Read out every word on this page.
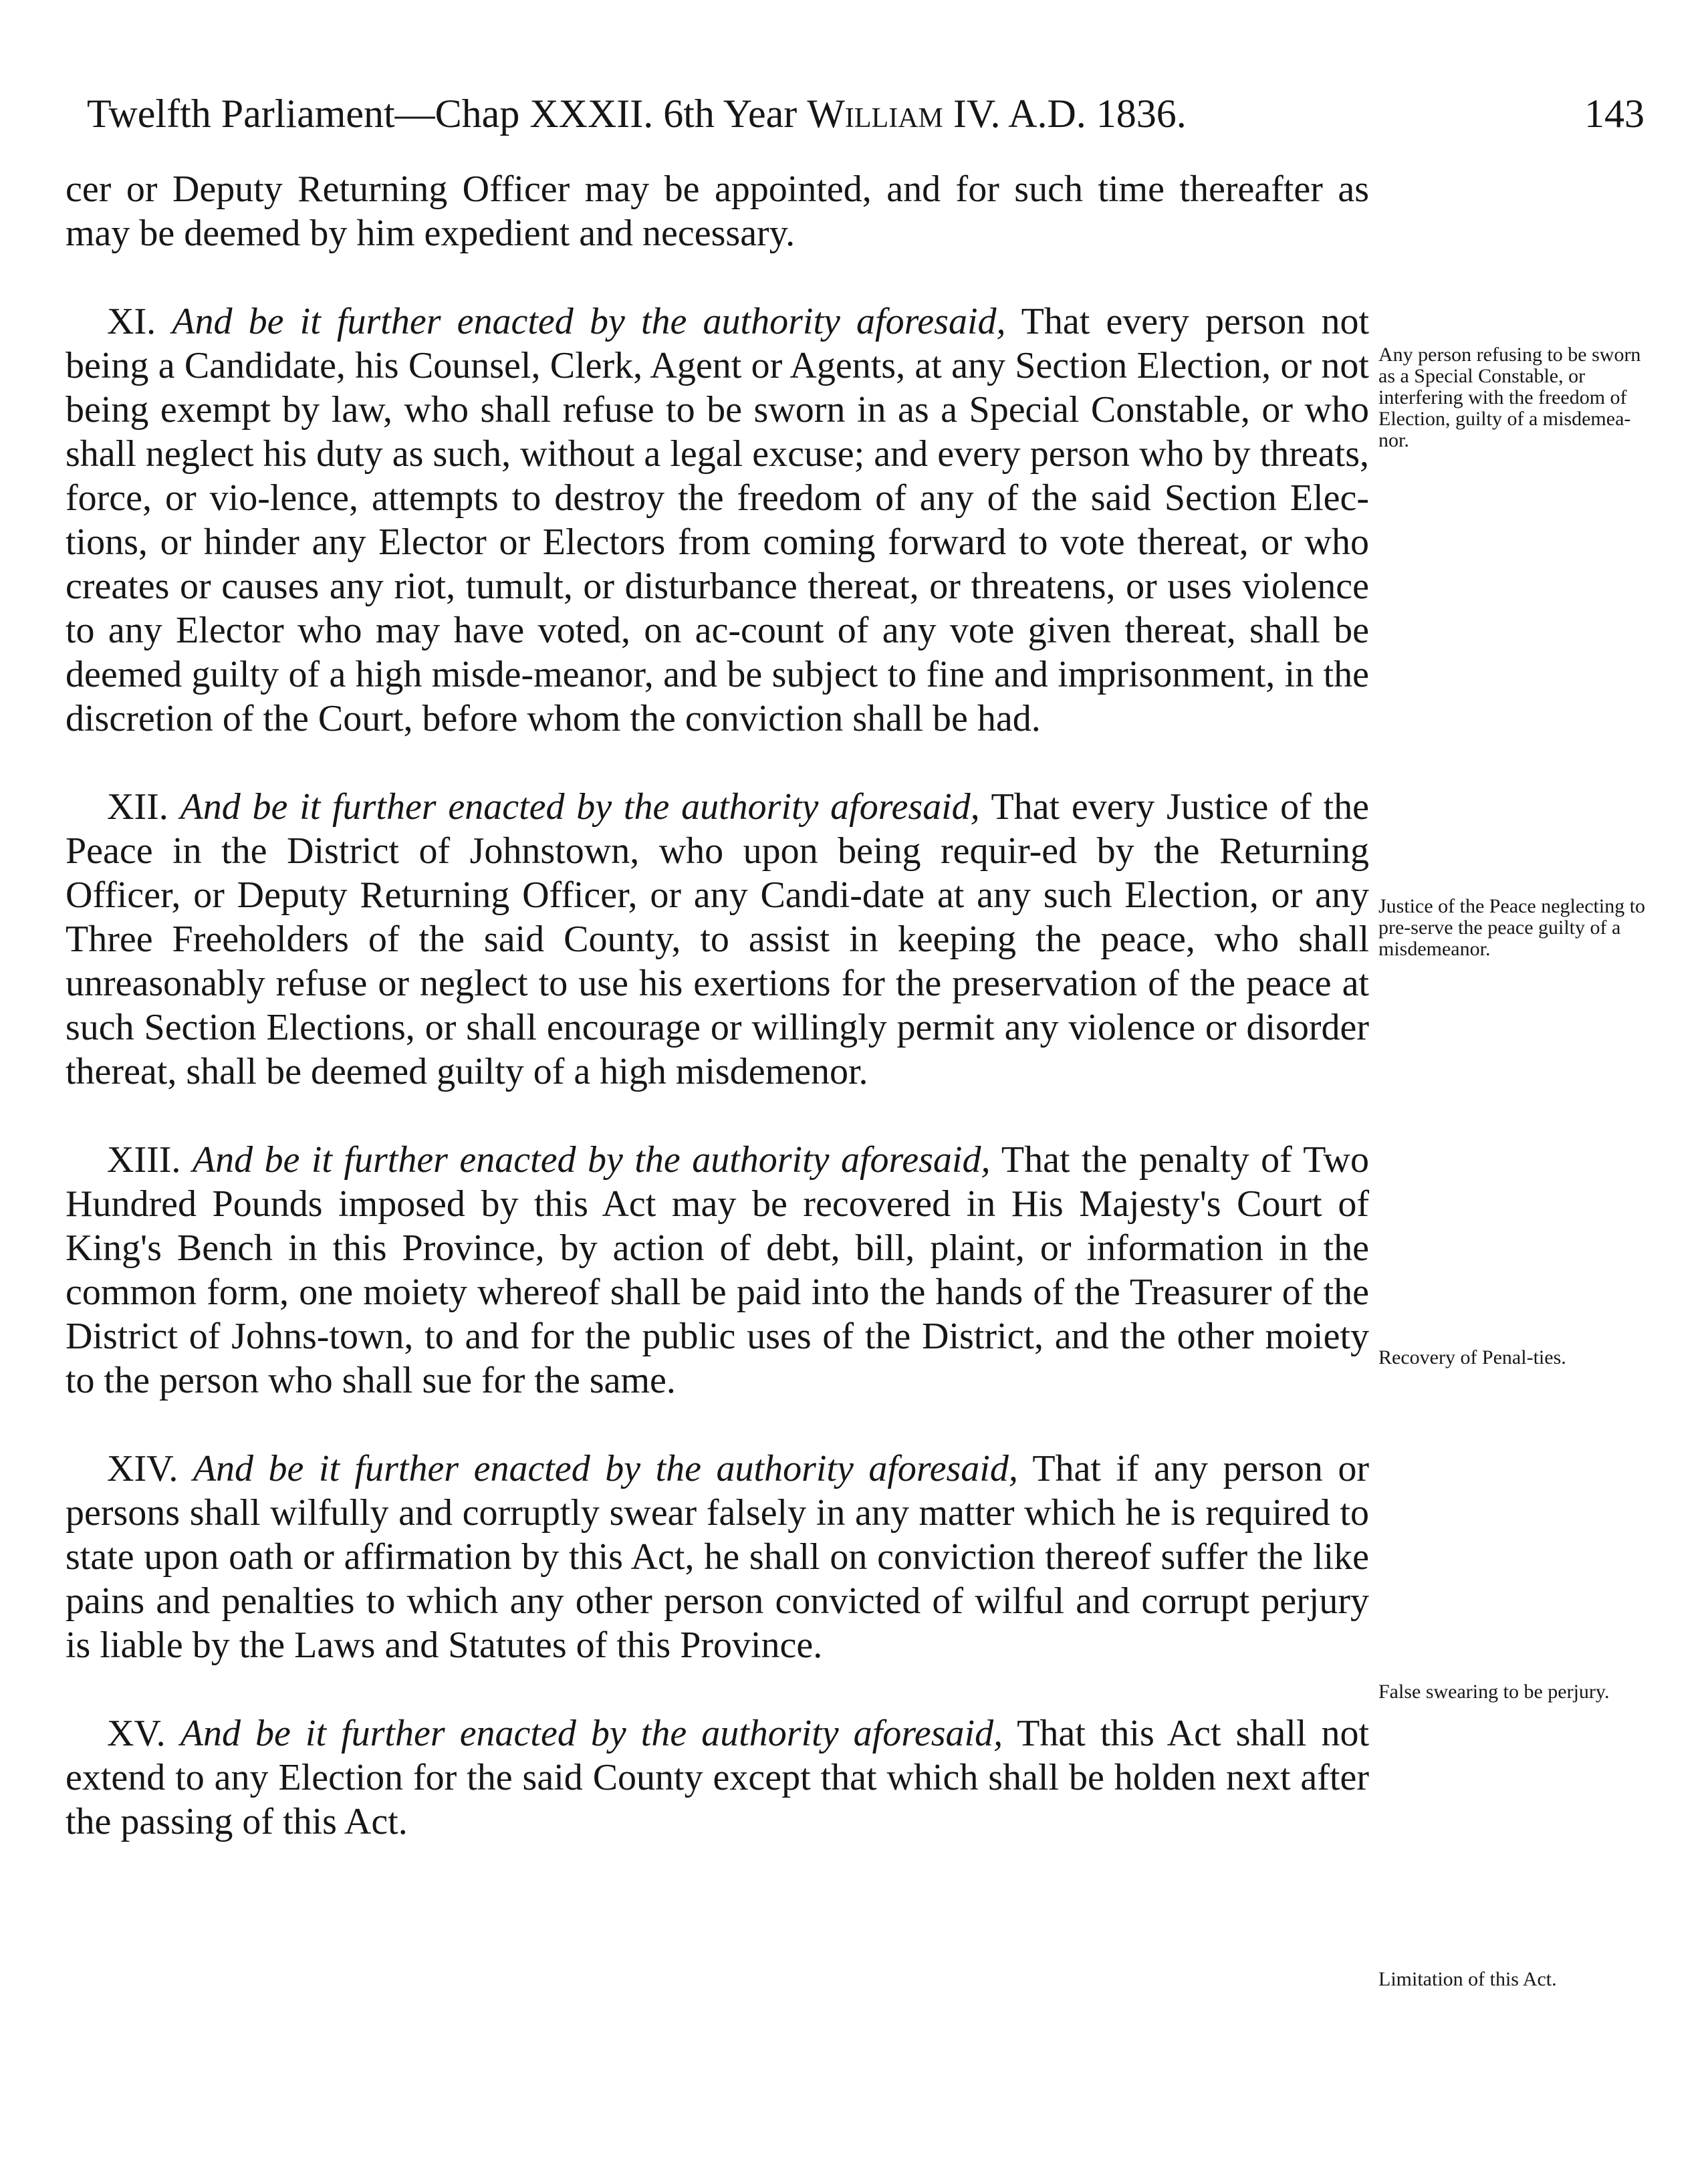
Twelfth Parliament—Chap XXXII. 6th Year William IV. A.D. 1836.	143

cer or Deputy Returning Officer may be appointed, and for such time thereafter as may be deemed by him expedient and necessary.

XI. And be it further enacted by the authority aforesaid, That every person not being a Candidate, his Counsel, Clerk, Agent or Agents, at any Section Election, or not being exempt by law, who shall refuse to be sworn in as a Special Constable, or who shall neglect his duty as such, without a legal excuse; and every person who by threats, force, or vio-lence, attempts to destroy the freedom of any of the said Section Elec-tions, or hinder any Elector or Electors from coming forward to vote thereat, or who creates or causes any riot, tumult, or disturbance thereat, or threatens, or uses violence to any Elector who may have voted, on ac-count of any vote given thereat, shall be deemed guilty of a high misde-meanor, and be subject to fine and imprisonment, in the discretion of the Court, before whom the conviction shall be had.

XII. And be it further enacted by the authority aforesaid, That every Justice of the Peace in the District of Johnstown, who upon being requir-ed by the Returning Officer, or Deputy Returning Officer, or any Candi-date at any such Election, or any Three Freeholders of the said County, to assist in keeping the peace, who shall unreasonably refuse or neglect to use his exertions for the preservation of the peace at such Section Elections, or shall encourage or willingly permit any violence or disorder thereat, shall be deemed guilty of a high misdemenor.

XIII. And be it further enacted by the authority aforesaid, That the penalty of Two Hundred Pounds imposed by this Act may be recovered in His Majesty's Court of King's Bench in this Province, by action of debt, bill, plaint, or information in the common form, one moiety whereof shall be paid into the hands of the Treasurer of the District of Johns-town, to and for the public uses of the District, and the other moiety to the person who shall sue for the same.

XIV. And be it further enacted by the authority aforesaid, That if any person or persons shall wilfully and corruptly swear falsely in any matter which he is required to state upon oath or affirmation by this Act, he shall on conviction thereof suffer the like pains and penalties to which any other person convicted of wilful and corrupt perjury is liable by the Laws and Statutes of this Province.

XV. And be it further enacted by the authority aforesaid, That this Act shall not extend to any Election for the said County except that which shall be holden next after the passing of this Act.

Any person refusing to be sworn as a Special Constable, or interfering with the freedom of Election, guilty of a misdemea-nor.
Justice of the Peace neglecting to pre-serve the peace guilty of a misdemeanor.
Recovery of Penal-ties.
False swearing to be perjury.
Limitation of this Act.
